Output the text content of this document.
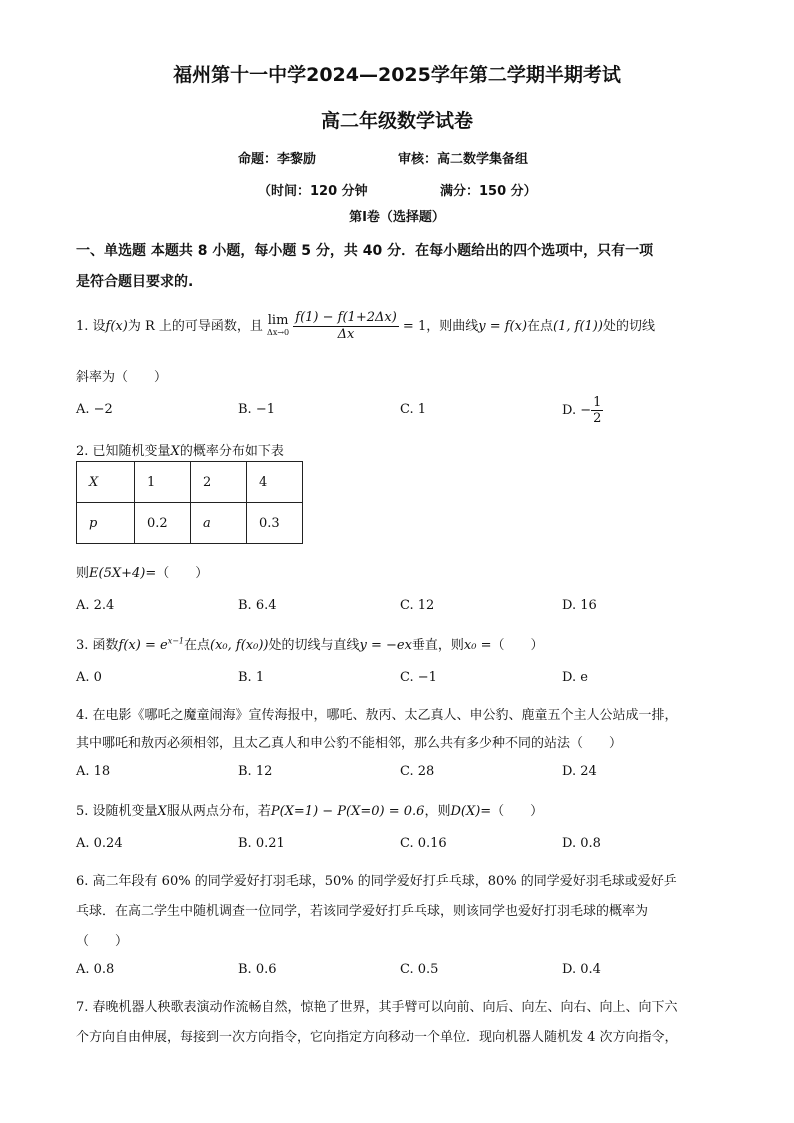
福州第十一中学2024—2025学年第二学期半期考试
高二年级数学试卷
命题：李黎励	审核：高二数学集备组
（时间：120 分钟	满分：150 分）
第Ⅰ卷（选择题）
一、单选题 本题共 8 小题，每小题 5 分，共 40 分．在每小题给出的四个选项中，只有一项
是符合题目要求的.
1. 设f(x)为 R 上的可导函数，且 lim
Δx→0
$\frac{f(1) - f(1+2\Delta x)}{\Delta x} = 1$，则曲线y = f(x)在点(1, f(1))处的切线
斜率为（　　）
A. −2	B. −1	C. 1	D. − $\frac{1}{2}$
2. 已知随机变量X的概率分布如下表
X	1	2	4
p	0.2	a	0.3
则E(5X+4)=（　　）
A. 2.4	B. 6.4	C. 12	D. 16
3. 函数$f(x) = e^{x-1}$在点(x₀, f(x₀))处的切线与直线y = −ex垂直，则x₀ =（　　）
A. 0	B. 1	C. −1	D. e
4. 在电影《哪吒之魔童闹海》宣传海报中，哪吒、敖丙、太乙真人、申公豹、鹿童五个主人公站成一排，
其中哪吒和敖丙必须相邻，且太乙真人和申公豹不能相邻，那么共有多少种不同的站法（　　）
A. 18	B. 12	C. 28	D. 24
5. 设随机变量X服从两点分布，若P(X=1) − P(X=0) = 0.6，则D(X)=（　　）
A. 0.24	B. 0.21	C. 0.16	D. 0.8
6. 高二年段有 60% 的同学爱好打羽毛球，50% 的同学爱好打乒乓球，80% 的同学爱好羽毛球或爱好乒
乓球．在高二学生中随机调查一位同学，若该同学爱好打乒乓球，则该同学也爱好打羽毛球的概率为
（　　）
A. 0.8	B. 0.6	C. 0.5	D. 0.4
7. 春晚机器人秧歌表演动作流畅自然，惊艳了世界，其手臂可以向前、向后、向左、向右、向上、向下六
个方向自由伸展，每接到一次方向指令，它向指定方向移动一个单位．现向机器人随机发 4 次方向指令，
